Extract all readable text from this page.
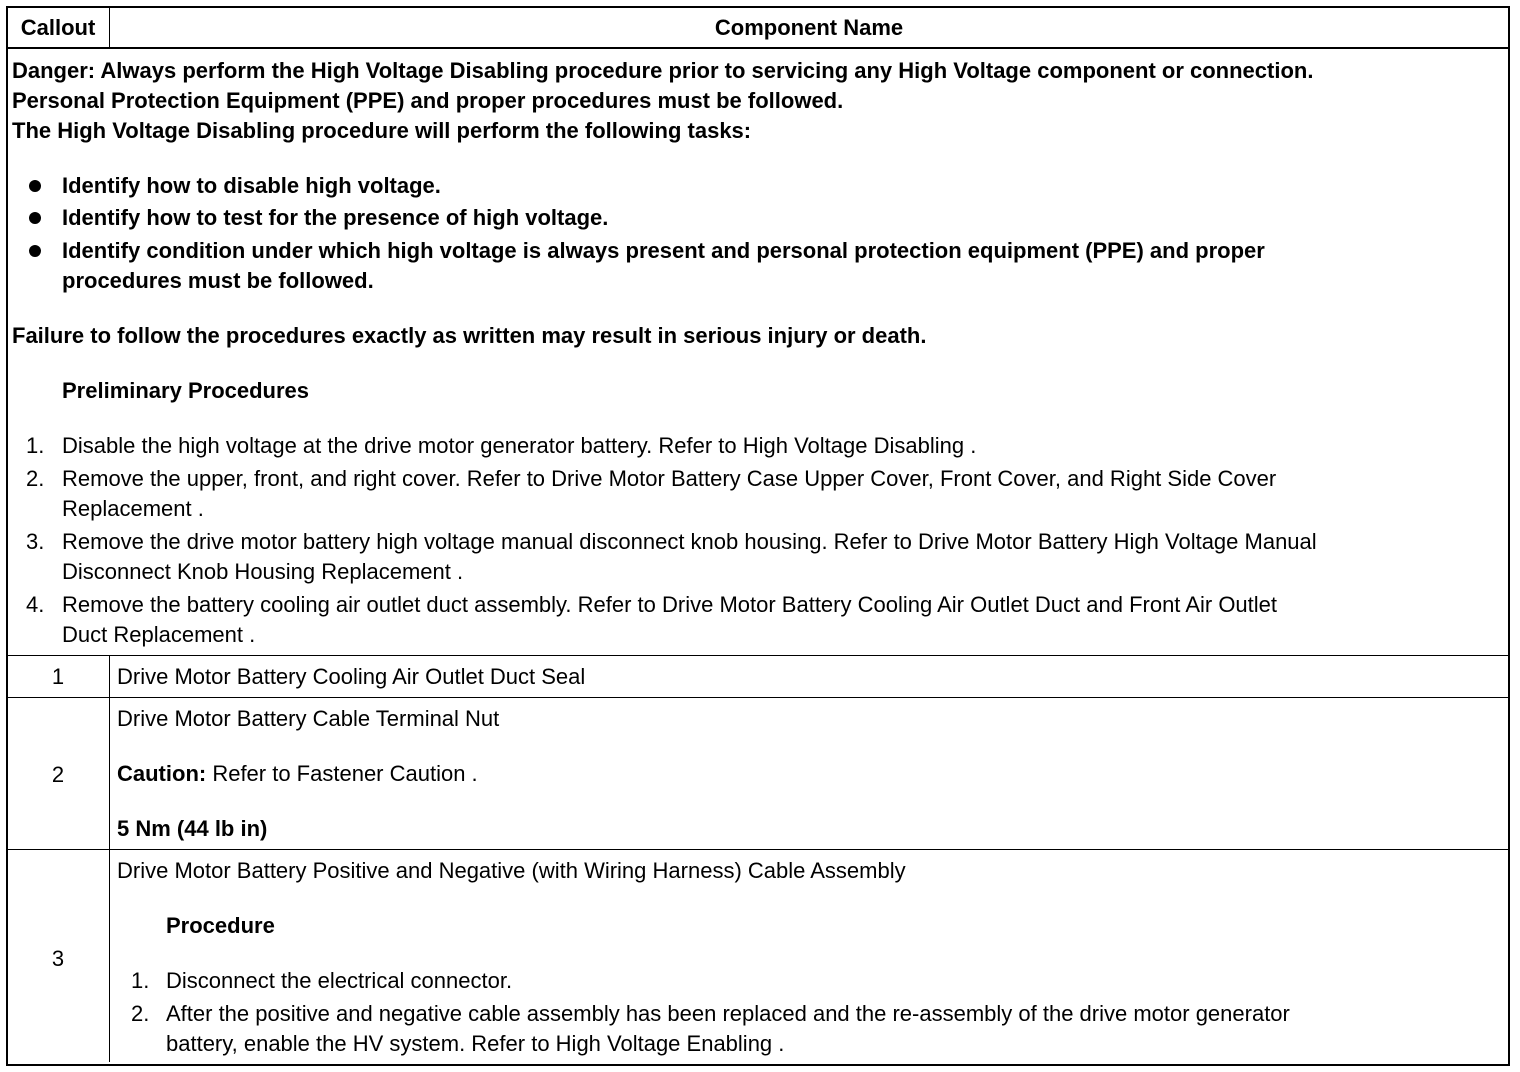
Callout	Component Name
Danger: Always perform the High Voltage Disabling procedure prior to servicing any High Voltage component or connection.
Personal Protection Equipment (PPE) and proper procedures must be followed.
The High Voltage Disabling procedure will perform the following tasks:
Identify how to disable high voltage.
Identify how to test for the presence of high voltage.
Identify condition under which high voltage is always present and personal protection equipment (PPE) and proper
procedures must be followed.
Failure to follow the procedures exactly as written may result in serious injury or death.
Preliminary Procedures
1. Disable the high voltage at the drive motor generator battery. Refer to High Voltage Disabling .
2. Remove the upper, front, and right cover. Refer to Drive Motor Battery Case Upper Cover, Front Cover, and Right Side Cover
Replacement .
3. Remove the drive motor battery high voltage manual disconnect knob housing. Refer to Drive Motor Battery High Voltage Manual
Disconnect Knob Housing Replacement .
4. Remove the battery cooling air outlet duct assembly. Refer to Drive Motor Battery Cooling Air Outlet Duct and Front Air Outlet
Duct Replacement .
1	Drive Motor Battery Cooling Air Outlet Duct Seal
2
Drive Motor Battery Cable Terminal Nut
Caution: Refer to Fastener Caution .
5 Nm (44 lb in)
3
Drive Motor Battery Positive and Negative (with Wiring Harness) Cable Assembly
Procedure
1. Disconnect the electrical connector.
2. After the positive and negative cable assembly has been replaced and the re-assembly of the drive motor generator
battery, enable the HV system. Refer to High Voltage Enabling .
